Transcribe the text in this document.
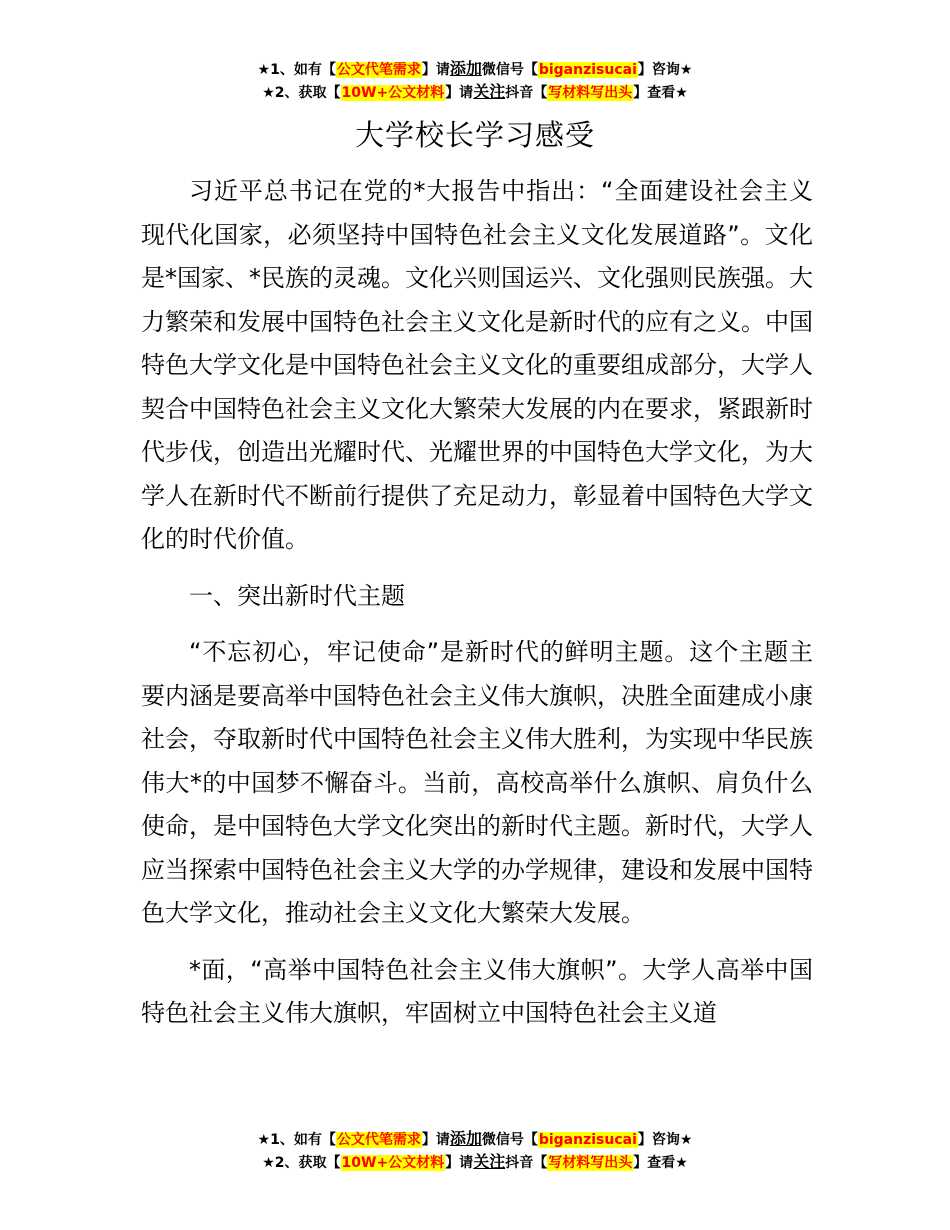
★1、如有【公文代笔需求】请添加微信号【biganzisucai】咨询★
★2、获取【10W+公文材料】请关注抖音【写材料写出头】查看★
大学校长学习感受

习近平总书记在党的*大报告中指出：“全面建设社会主义现代化国家，必须坚持中国特色社会主义文化发展道路”。文化是*国家、*民族的灵魂。文化兴则国运兴、文化强则民族强。大力繁荣和发展中国特色社会主义文化是新时代的应有之义。中国特色大学文化是中国特色社会主义文化的重要组成部分，大学人契合中国特色社会主义文化大繁荣大发展的内在要求，紧跟新时代步伐，创造出光耀时代、光耀世界的中国特色大学文化，为大学人在新时代不断前行提供了充足动力，彰显着中国特色大学文化的时代价值。

一、突出新时代主题

“不忘初心，牢记使命”是新时代的鲜明主题。这个主题主要内涵是要高举中国特色社会主义伟大旗帜，决胜全面建成小康社会，夺取新时代中国特色社会主义伟大胜利，为实现中华民族伟大*的中国梦不懈奋斗。当前，高校高举什么旗帜、肩负什么使命，是中国特色大学文化突出的新时代主题。新时代，大学人应当探索中国特色社会主义大学的办学规律，建设和发展中国特色大学文化，推动社会主义文化大繁荣大发展。

*面，“高举中国特色社会主义伟大旗帜”。大学人高举中国特色社会主义伟大旗帜，牢固树立中国特色社会主义道

★1、如有【公文代笔需求】请添加微信号【biganzisucai】咨询★
★2、获取【10W+公文材料】请关注抖音【写材料写出头】查看★
